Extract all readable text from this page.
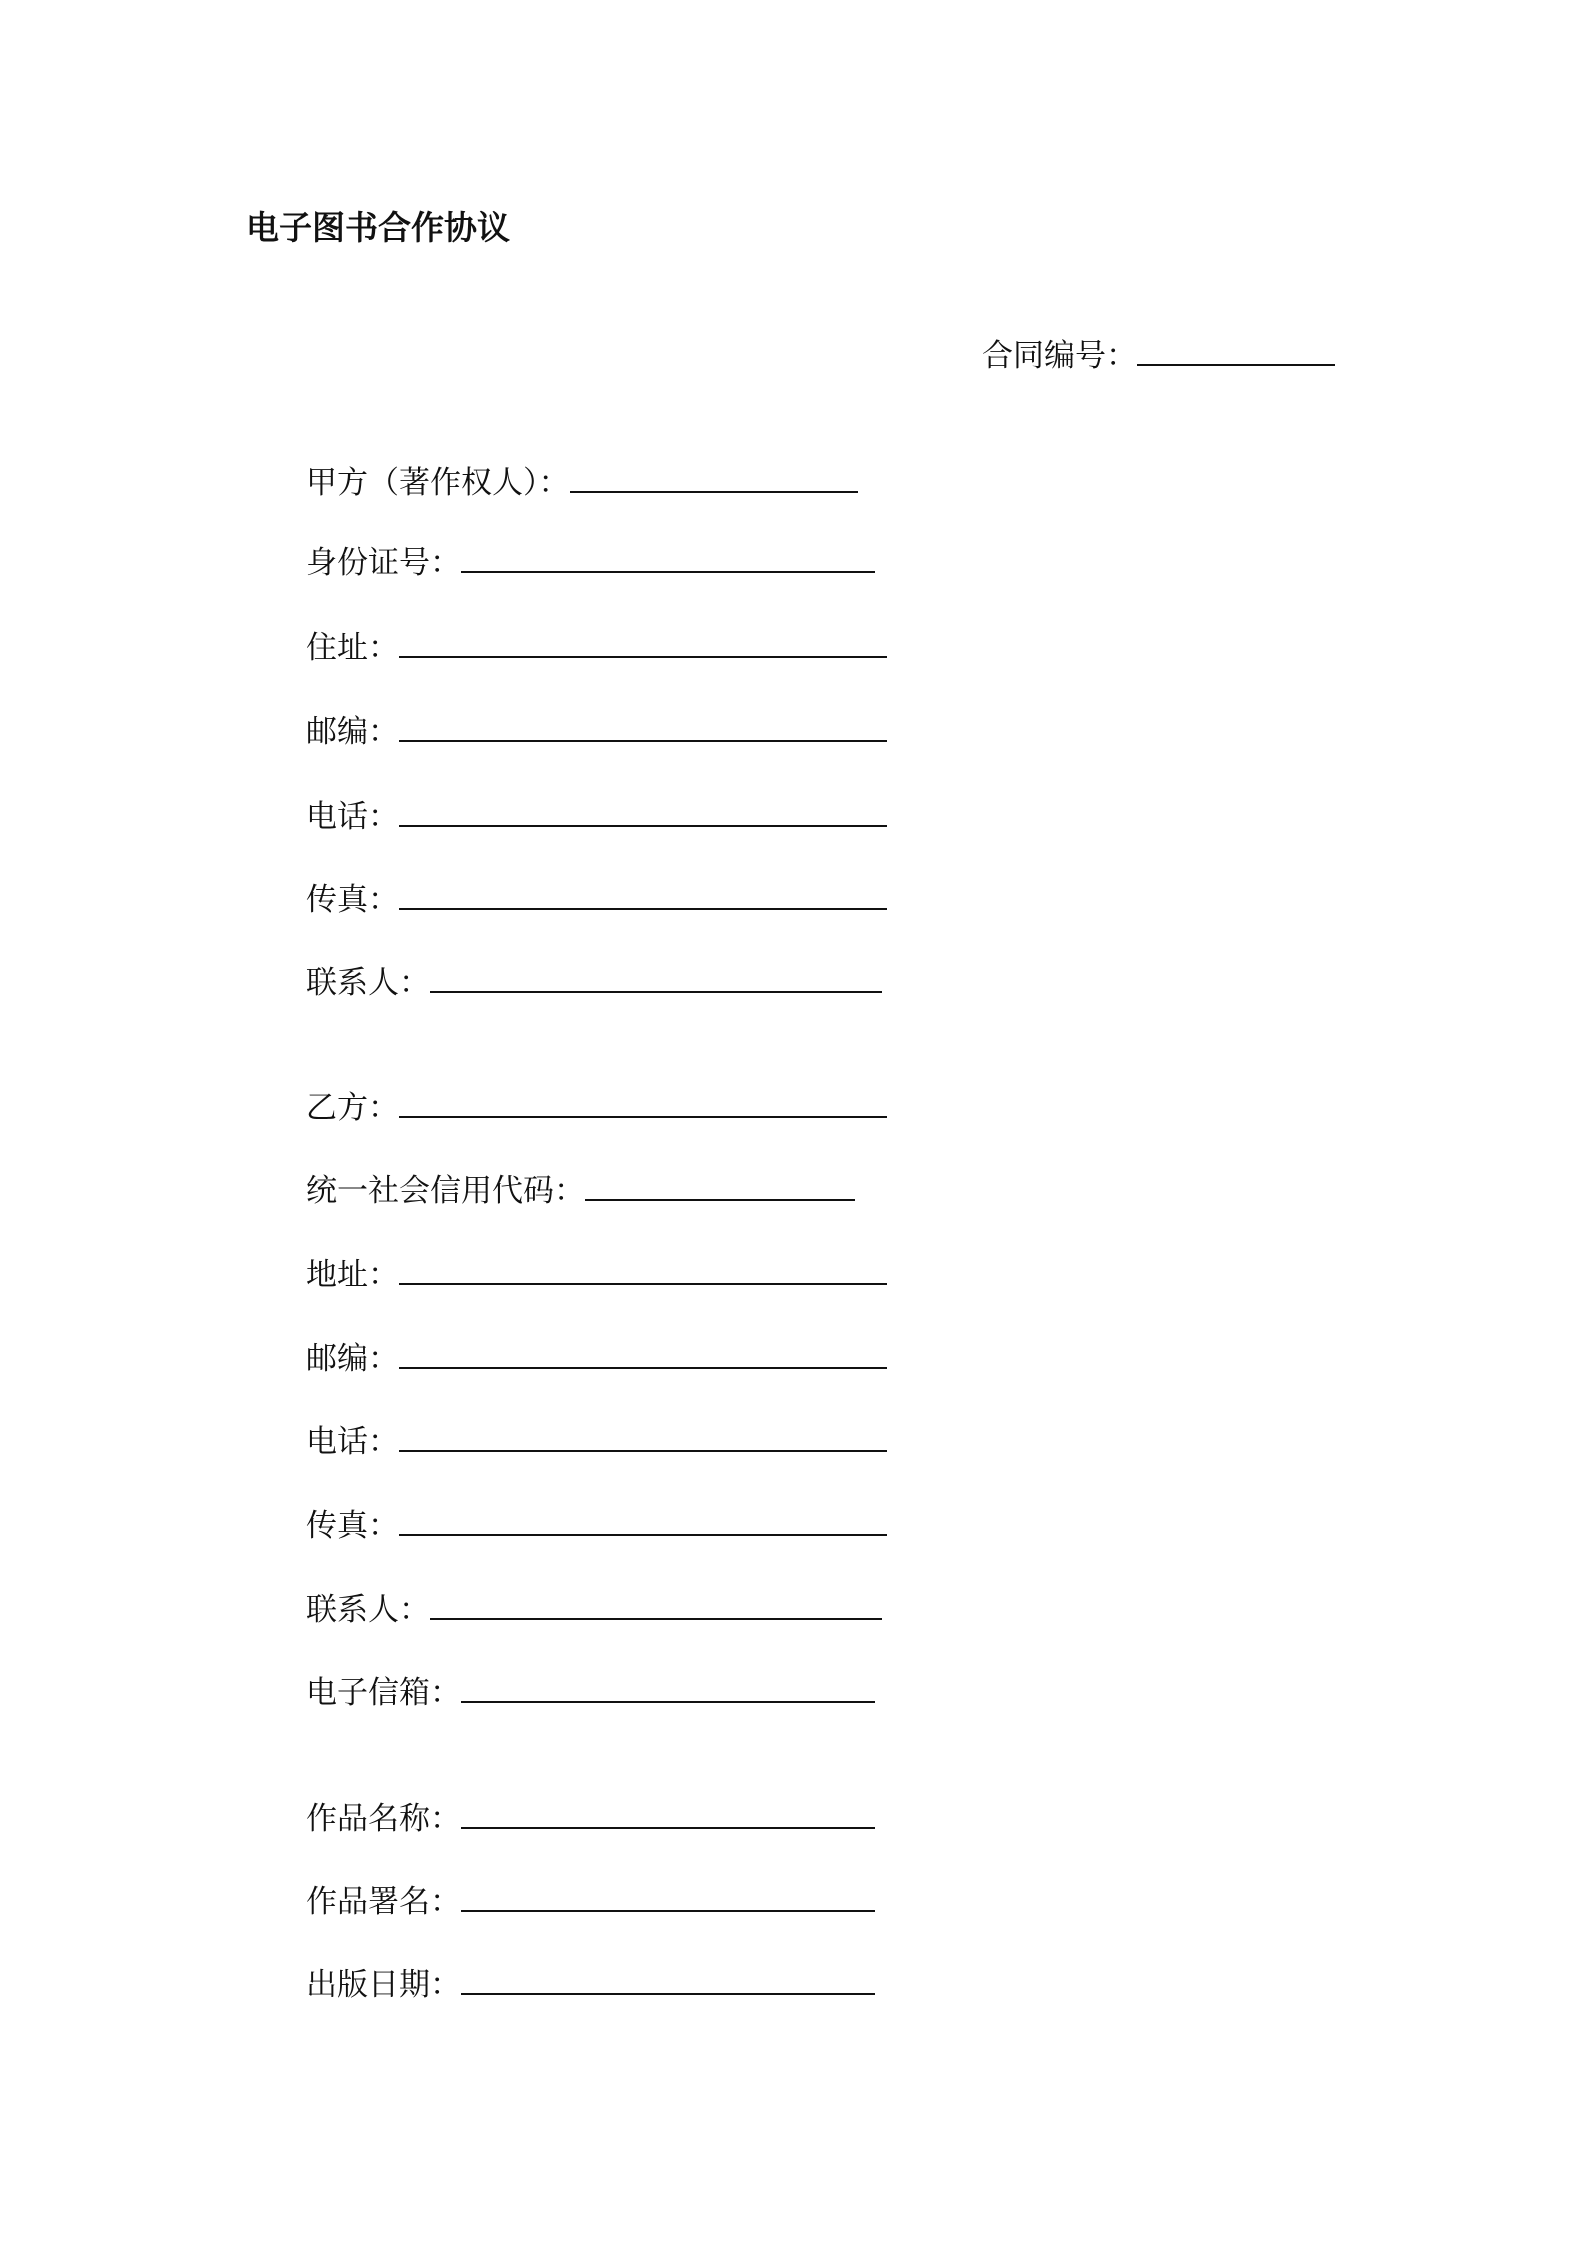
电子图书合作协议
合同编号：
甲方（著作权人）：
身份证号：
住址：
邮编：
电话：
传真：
联系人：
乙方：
统一社会信用代码：
地址：
邮编：
电话：
传真：
联系人：
电子信箱：
作品名称：
作品署名：
出版日期：
